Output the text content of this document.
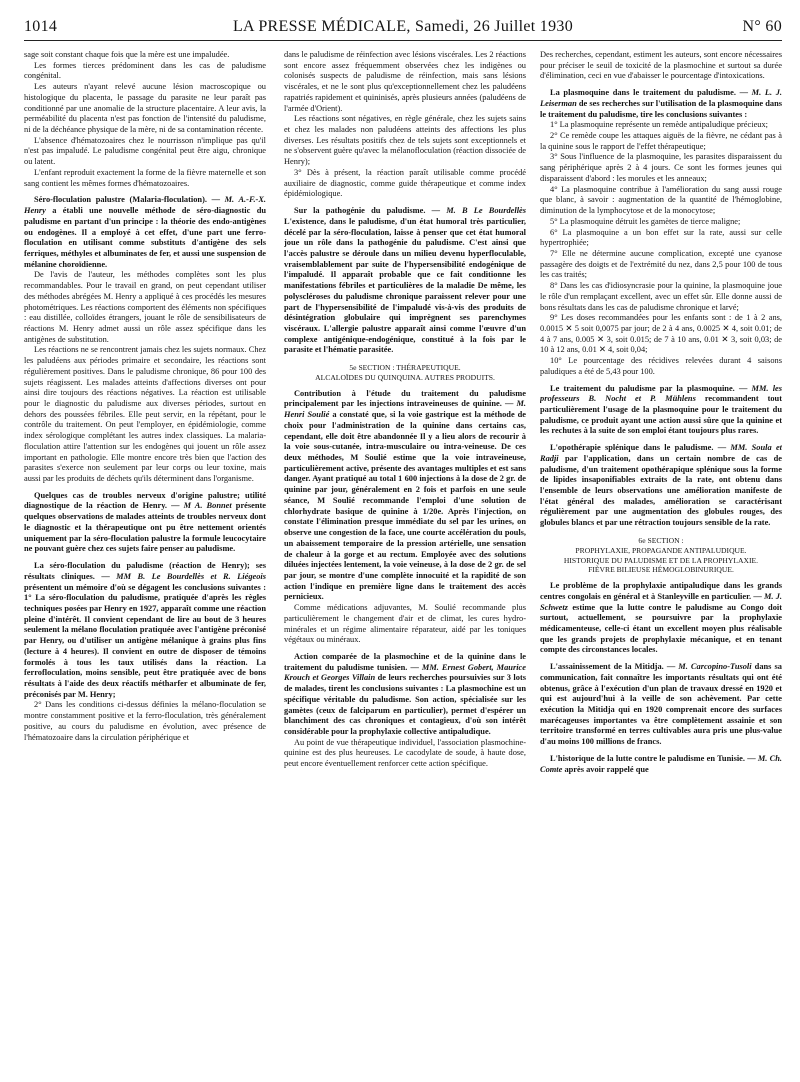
1014	LA PRESSE MÉDICALE, Samedi, 26 Juillet 1930	N° 60

sage soit constant chaque fois que la mère est une impaludée.

Les formes tierces prédominent dans les cas de paludisme congénital.

Les auteurs n'ayant relevé aucune lésion macroscopique ou histologique du placenta, le passage du parasite ne leur paraît pas conditionné par une anomalie de la structure placentaire. A leur avis, la perméabilité du placenta n'est pas fonction de l'intensité du paludisme, ni de la déchéance physique de la mère, ni de sa contamination récente.

L'absence d'hématozoaires chez le nourrisson n'implique pas qu'il n'est pas impaludé. Le paludisme congénital peut être aigu, chronique ou latent.

L'enfant reproduit exactement la forme de la fièvre maternelle et son sang contient les mêmes formes d'hématozoaires.

Séro-floculation palustre (Malaria-floculation). — M. A.-F.-X. Henry a établi une nouvelle méthode de séro-diagnostic du paludisme en partant d'un principe : la théorie des endo-antigènes ou endogènes. Il a employé à cet effet, d'une part une ferro-floculation en utilisant comme substituts d'antigène des sels ferriques, méthyles et albuminates de fer, et aussi une suspension de mélanine choroïdienne.

De l'avis de l'auteur, les méthodes complètes sont les plus recommandables. Pour le travail en grand, on peut cependant utiliser des méthodes abrégées M. Henry a appliqué à ces procédés les mesures photométriques. Les réactions comportent des éléments non spécifiques : eau distillée, colloïdes étrangers, jouant le rôle de sensibilisateurs de réactions M. Henry admet aussi un rôle assez spécifique dans les antigènes de substitution.

Les réactions ne se rencontrent jamais chez les sujets normaux. Chez les paludéens aux périodes primaire et secondaire, les réactions sont régulièrement positives. Dans le paludisme chronique, 86 pour 100 des sujets réagissent. Les malades atteints d'affections diverses ont pour ainsi dire toujours des réactions négatives. La réaction est utilisable pour le diagnostic du paludisme aux diverses périodes, surtout en dehors des poussées fébriles. Elle peut servir, en la répétant, pour le contrôle du traitement. On peut l'employer, en épidémiologie, comme index sérologique complétant les autres index classiques. La malaria-floculation attire l'attention sur les endogènes qui jouent un rôle assez important en pathologie. Elle montre encore très bien que l'action des parasites s'exerce non seulement par leur corps ou leur toxine, mais aussi par les produits de déchets qu'ils déterminent dans l'organisme.

Quelques cas de troubles nerveux d'origine palustre; utilité diagnostique de la réaction de Henry. — M A. Bonnet présente quelques observations de malades atteints de troubles nerveux dont le diagnostic et la thérapeutique ont pu être nettement orientés uniquement par la séro-floculation palustre la formule leucocytaire ne pouvant guère chez ces sujets faire penser au paludisme.

La séro-floculation du paludisme (réaction de Henry); ses résultats cliniques. — MM B. Le Bourdellès et R. Liégeois présentent un mémoire d'où se dégagent les conclusions suivantes : 1° La séro-floculation du paludisme, pratiquée d'après les règles techniques posées par Henry en 1927, apparaît comme une réaction pleine d'intérêt. Il convient cependant de lire au bout de 3 heures seulement la mélano floculation pratiquée avec l'antigène préconisé par Henry, ou d'utiliser un antigène mélanique à grains plus fins (lecture à 4 heures). Il convient en outre de disposer de témoins formolés à tous les taux utilisés dans la réaction. La ferrofloculation, moins sensible, peut être pratiquée avec de bons résultats à l'aide des deux réactifs métharfer et albuminate de fer, préconisés par M. Henry;

2° Dans les conditions ci-dessus définies la mélano-floculation se montre constamment positive et la ferro-floculation, très généralement positive, au cours du paludisme en évolution, avec présence de l'hématozoaire dans la circulation périphérique et

dans le paludisme de réinfection avec lésions viscérales. Les 2 réactions sont encore assez fréquemment observées chez les indigènes ou colonisés suspects de paludisme de réinfection, mais sans lésions viscérales, et ne le sont plus qu'exceptionnellement chez les paludéens rapatriés rapidement et quininisés, après plusieurs années (paludéens de l'armée d'Orient).

Les réactions sont négatives, en règle générale, chez les sujets sains et chez les malades non paludéens atteints des affections les plus diverses. Les résultats positifs chez de tels sujets sont exceptionnels et ne s'observent guère qu'avec la mélanofloculation (réaction dissociée de Henry);

3° Dès à présent, la réaction paraît utilisable comme procédé auxiliaire de diagnostic, comme guide thérapeutique et comme index épidémiologique.

Sur la pathogénie du paludisme. — M. B Le Bourdellès L'existence, dans le paludisme, d'un état humoral très particulier, décelé par la séro-floculation, laisse à penser que cet état humoral joue un rôle dans la pathogénie du paludisme. C'est ainsi que l'accès palustre se déroule dans un milieu devenu hyperfloculable, vraisemblablement par suite de l'hypersensibilité endogénique de l'impaludé. Il apparaît probable que ce fait conditionne les manifestations fébriles et particulières de la maladie De même, les polyscléroses du paludisme chronique paraissent relever pour une part de l'hypersensibilité de l'impaludé vis-à-vis des produits de désintégration globulaire qui imprègnent ses parenchymes viscéraux. L'allergie palustre apparaît ainsi comme l'œuvre d'un complexe antigénique-endogénique, constitué à la fois par le parasite et l'hématie parasitée.

5e SECTION : THÉRAPEUTIQUE.
ALCALOÏDES DU QUINQUINA. AUTRES PRODUITS.

Contribution à l'étude du traitement du paludisme principalement par les injections intraveineuses de quinine. — M. Henri Soulié a constaté que, si la voie gastrique est la méthode de choix pour l'administration de la quinine dans certains cas, cependant, elle doit être abandonnée Il y a lieu alors de recourir à la voie sous-cutanée, intra-musculaire ou intra-veineuse. De ces deux méthodes, M Soulié estime que la voie intraveineuse, particulièrement active, présente des avantages multiples et est sans danger. Ayant pratiqué au total 1 600 injections à la dose de 2 gr. de quinine par jour, généralement en 2 fois et parfois en une seule séance, M Soulié recommande l'emploi d'une solution de chlorhydrate basique de quinine à 1/20e. Après l'injection, on constate l'élimination presque immédiate du sel par les urines, on observe une congestion de la face, une courte accélération du pouls, un abaissement temporaire de la pression artérielle, une sensation de chaleur à la gorge et au rectum. Employée avec des solutions diluées injectées lentement, la voie veineuse, à la dose de 2 gr. de sel par jour, se montre d'une complète innocuité et la rapidité de son action l'indique en première ligne dans le traitement des accès pernicieux.

Comme médications adjuvantes, M. Soulié recommande plus particulièrement le changement d'air et de climat, les cures hydro-minérales et un régime alimentaire réparateur, aidé par les toniques végétaux ou minéraux.

Action comparée de la plasmochine et de la quinine dans le traitement du paludisme tunisien. — MM. Ernest Gobert, Maurice Krouch et Georges Villain de leurs recherches poursuivies sur 3 lots de malades, tirent les conclusions suivantes : La plasmochine est un spécifique véritable du paludisme. Son action, spécialisée sur les gamètes (ceux de falciparum en particulier), permet d'espérer un blanchiment des cas chroniques et contagieux, d'où son intérêt considérable pour la prophylaxie collective antipaludique.

Au point de vue thérapeutique individuel, l'association plasmochine-quinine est des plus heureuses. Le cacodylate de soude, à haute dose, peut encore éventuellement renforcer cette action spécifique.

Des recherches, cependant, estiment les auteurs, sont encore nécessaires pour préciser le seuil de toxicité de la plasmochine et surtout sa durée d'élimination, ceci en vue d'abaisser le pourcentage d'intoxications.

La plasmoquine dans le traitement du paludisme. — M. L. J. Leiserman de ses recherches sur l'utilisation de la plasmoquine dans le traitement du paludisme, tire les conclusions suivantes :

1° La plasmoquine représente un remède antipaludique précieux;

2° Ce remède coupe les attaques aiguës de la fièvre, ne cédant pas à la quinine sous le rapport de l'effet thérapeutique;

3° Sous l'influence de la plasmoquine, les parasites disparaissent du sang périphérique après 2 à 4 jours. Ce sont les formes jeunes qui disparaissent d'abord : les morules et les anneaux;

4° La plasmoquine contribue à l'amélioration du sang aussi rouge que blanc, à savoir : augmentation de la quantité de l'hémoglobine, diminution de la lymphocytose et de la monocytose;

5° La plasmoquine détruit les gamètes de tierce maligne;

6° La plasmoquine a un bon effet sur la rate, aussi sur celle hypertrophiée;

7° Elle ne détermine aucune complication, excepté une cyanose passagère des doigts et de l'extrémité du nez, dans 2,5 pour 100 de tous les cas traités;

8° Dans les cas d'idiosyncrasie pour la quinine, la plasmoquine joue le rôle d'un remplaçant excellent, avec un effet sûr. Elle donne aussi de bons résultats dans les cas de paludisme chronique et larvé;

9° Les doses recommandées pour les enfants sont : de 1 à 2 ans, 0.0015 ✕ 5 soit 0,0075 par jour; de 2 à 4 ans, 0.0025 ✕ 4, soit 0.01; de 4 à 7 ans, 0.005 ✕ 3, soit 0.015; de 7 à 10 ans, 0.01 ✕ 3, soit 0,03; de 10 à 12 ans, 0.01 ✕ 4, soit 0,04;

10° Le pourcentage des récidives relevées durant 4 saisons paludiques a été de 5,43 pour 100.

Le traitement du paludisme par la plasmoquine. — MM. les professeurs B. Nocht et P. Mühlens recommandent tout particulièrement l'usage de la plasmoquine pour le traitement du paludisme, ce produit ayant une action aussi sûre que la quinine et les rechutes à la suite de son emploi étant toujours plus rares.

L'opothérapie splénique dans le paludisme. — MM. Soula et Radji par l'application, dans un certain nombre de cas de paludisme, d'un traitement opothérapique splénique sous la forme de lipides insaponifiables extraits de la rate, ont obtenu dans l'ensemble de leurs observations une amélioration manifeste de l'état général des malades, amélioration se caractérisant régulièrement par une augmentation des globules rouges, des globules blancs et par une rétraction toujours sensible de la rate.

6e SECTION :
PROPHYLAXIE, PROPAGANDE ANTIPALUDIQUE.
HISTORIQUE DU PALUDISME ET DE LA PROPHYLAXIE.
FIÈVRE BILIEUSE HÉMOGLOBINURIQUE.

Le problème de la prophylaxie antipaludique dans les grands centres congolais en général et à Stanleyville en particulier. — M. J. Schwetz estime que la lutte contre le paludisme au Congo doit surtout, actuellement, se poursuivre par la prophylaxie médicamenteuse, celle-ci étant un excellent moyen plus réalisable que les grands projets de prophylaxie mécanique, et en tenant compte des circonstances locales.

L'assainissement de la Mitidja. — M. Carcopino-Tusoli dans sa communication, fait connaître les importants résultats qui ont été obtenus, grâce à l'exécution d'un plan de travaux dressé en 1920 et qui est aujourd'hui à la veille de son achèvement. Par cette exécution la Mitidja qui en 1920 comprenait encore des surfaces marécageuses importantes va être complètement assainie et son territoire transformé en terres cultivables aura pris une plus-value d'au moins 100 millions de francs.

L'historique de la lutte contre le paludisme en Tunisie. — M. Ch. Comte après avoir rappelé que
